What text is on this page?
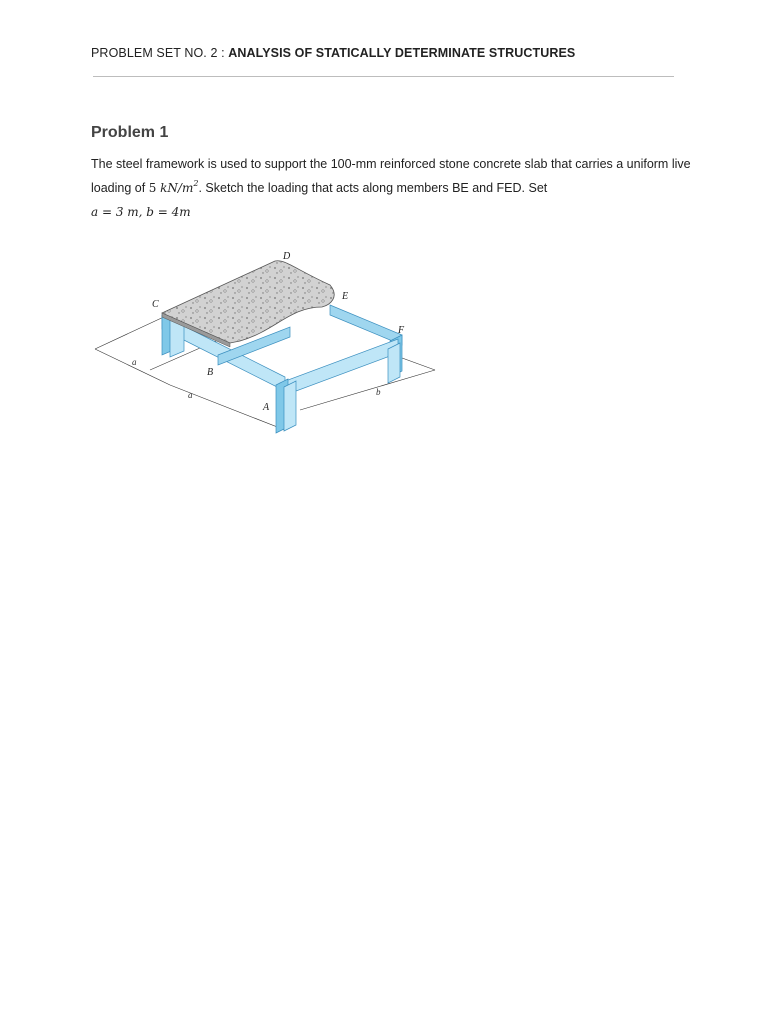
PROBLEM SET NO. 2 : ANALYSIS OF STATICALLY DETERMINATE STRUCTURES
Problem 1
The steel framework is used to support the 100-mm reinforced stone concrete slab that carries a uniform live loading of 5 $kN/m^2$. Sketch the loading that acts along members BE and FED. Set
a = 3 m, b = 4m
a
a	b
D
C
E
F
B
A
